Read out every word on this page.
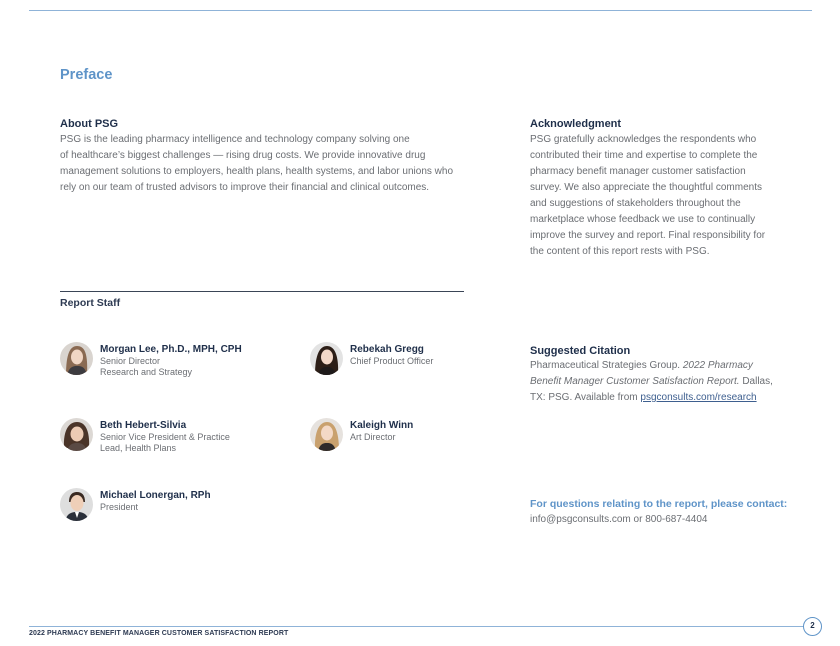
Preface
About PSG
PSG is the leading pharmacy intelligence and technology company solving one
of healthcare’s biggest challenges — rising drug costs. We provide innovative drug
management solutions to employers, health plans, health systems, and labor unions who
rely on our team of trusted advisors to improve their financial and clinical outcomes.
Acknowledgment
PSG gratefully acknowledges the respondents who
contributed their time and expertise to complete the
pharmacy benefit manager customer satisfaction
survey. We also appreciate the thoughtful comments
and suggestions of stakeholders throughout the
marketplace whose feedback we use to continually
improve the survey and report. Final responsibility for
the content of this report rests with PSG.
Report Staff
Morgan Lee, Ph.D., MPH, CPH
Senior Director
Research and Strategy
Rebekah Gregg
Chief Product Officer
Beth Hebert-Silvia
Senior Vice President & Practice
Lead, Health Plans
Kaleigh Winn
Art Director
Michael Lonergan, RPh
President
Suggested Citation
Pharmaceutical Strategies Group. 2022 Pharmacy Benefit Manager Customer Satisfaction Report. Dallas, TX: PSG. Available from psgconsults.com/research
For questions relating to the report, please contact:
info@psgconsults.com or 800-687-4404
2022 PHARMACY BENEFIT MANAGER CUSTOMER SATISFACTION REPORT
2
